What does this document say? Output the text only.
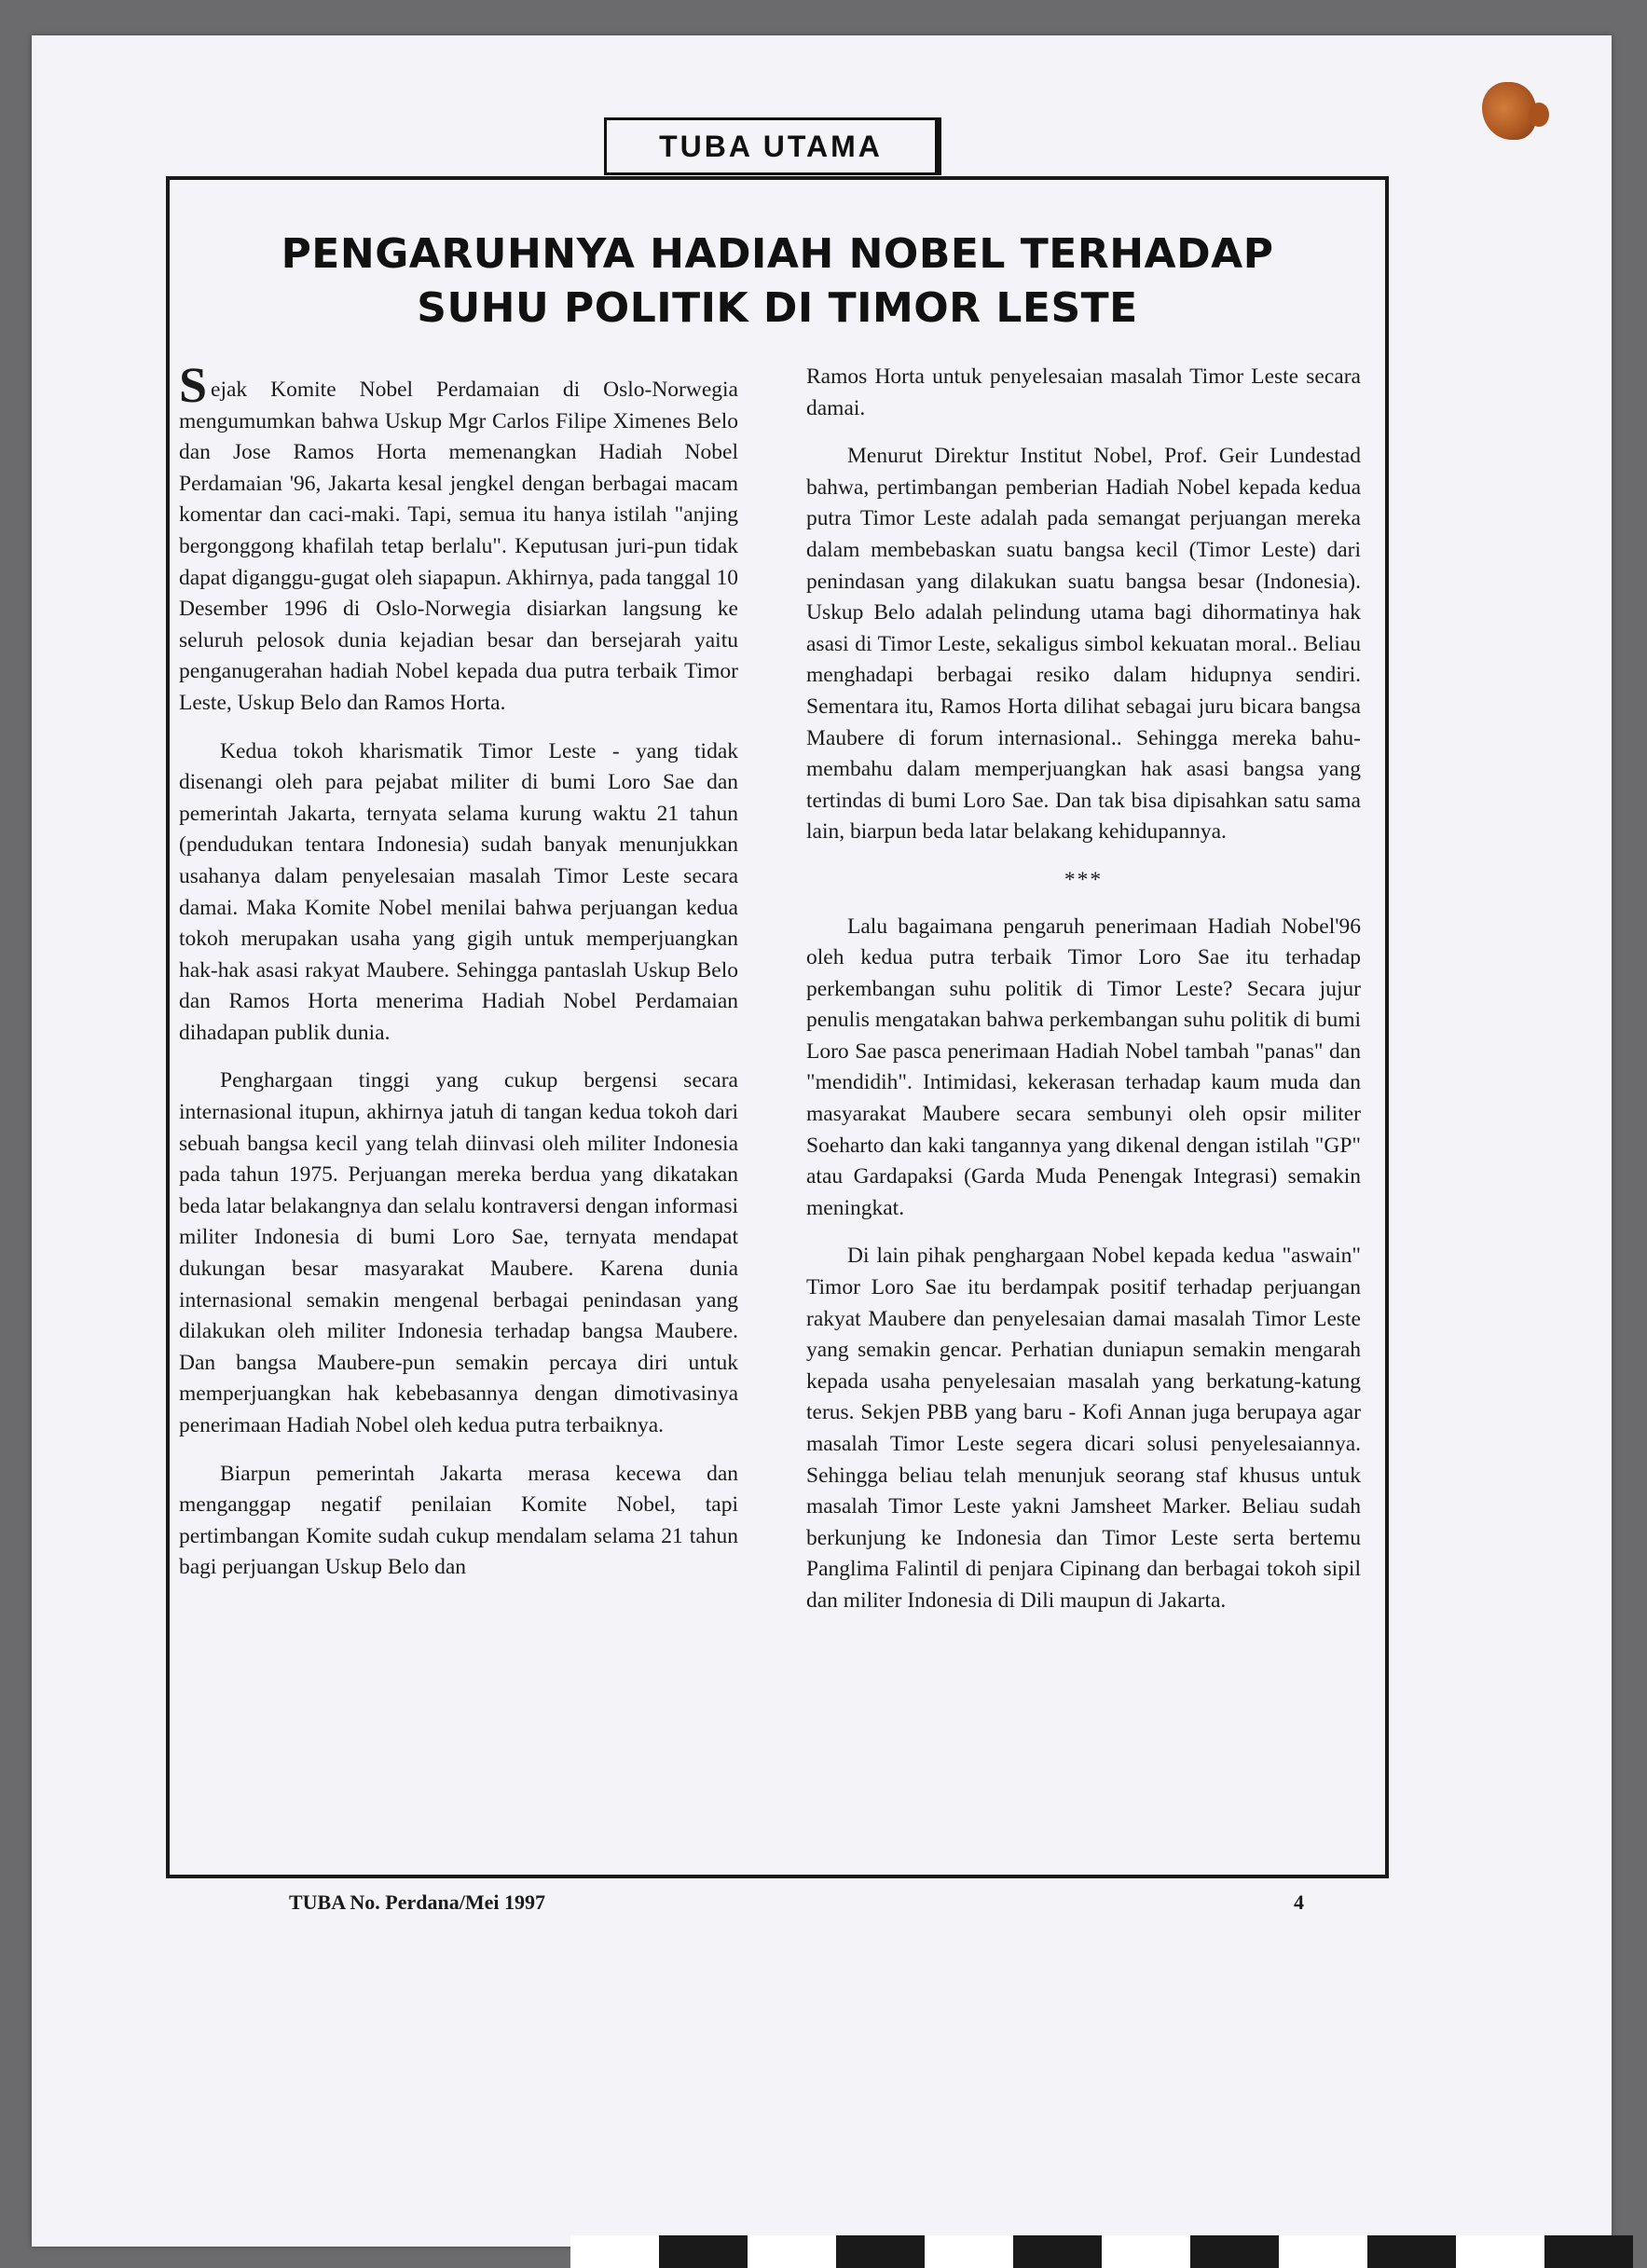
TUBA UTAMA
PENGARUHNYA HADIAH NOBEL TERHADAP
SUHU POLITIK DI TIMOR LESTE

Sejak Komite Nobel Perdamaian di Oslo-Norwegia mengumumkan bahwa Uskup Mgr Carlos Filipe Ximenes Belo dan Jose Ramos Horta memenangkan Hadiah Nobel Perdamaian '96, Jakarta kesal jengkel dengan berbagai macam komentar dan caci-maki. Tapi, semua itu hanya istilah "anjing bergonggong khafilah tetap berlalu". Keputusan juri-pun tidak dapat diganggu-gugat oleh siapapun. Akhirnya, pada tanggal 10 Desember 1996 di Oslo-Norwegia disiarkan langsung ke seluruh pelosok dunia kejadian besar dan bersejarah yaitu penganugerahan hadiah Nobel kepada dua putra terbaik Timor Leste, Uskup Belo dan Ramos Horta.

Kedua tokoh kharismatik Timor Leste - yang tidak disenangi oleh para pejabat militer di bumi Loro Sae dan pemerintah Jakarta, ternyata selama kurung waktu 21 tahun (pendudukan tentara Indonesia) sudah banyak menunjukkan usahanya dalam penyelesaian masalah Timor Leste secara damai. Maka Komite Nobel menilai bahwa perjuangan kedua tokoh merupakan usaha yang gigih untuk memperjuangkan hak-hak asasi rakyat Maubere. Sehingga pantaslah Uskup Belo dan Ramos Horta menerima Hadiah Nobel Perdamaian dihadapan publik dunia.

Penghargaan tinggi yang cukup bergensi secara internasional itupun, akhirnya jatuh di tangan kedua tokoh dari sebuah bangsa kecil yang telah diinvasi oleh militer Indonesia pada tahun 1975. Perjuangan mereka berdua yang dikatakan beda latar belakangnya dan selalu kontraversi dengan informasi militer Indonesia di bumi Loro Sae, ternyata mendapat dukungan besar masyarakat Maubere. Karena dunia internasional semakin mengenal berbagai penindasan yang dilakukan oleh militer Indonesia terhadap bangsa Maubere. Dan bangsa Maubere-pun semakin percaya diri untuk memperjuangkan hak kebebasannya dengan dimotivasinya penerimaan Hadiah Nobel oleh kedua putra terbaiknya.

Biarpun pemerintah Jakarta merasa kecewa dan menganggap negatif penilaian Komite Nobel, tapi pertimbangan Komite sudah cukup mendalam selama 21 tahun bagi perjuangan Uskup Belo dan

Ramos Horta untuk penyelesaian masalah Timor Leste secara damai.

Menurut Direktur Institut Nobel, Prof. Geir Lundestad bahwa, pertimbangan pemberian Hadiah Nobel kepada kedua putra Timor Leste adalah pada semangat perjuangan mereka dalam membebaskan suatu bangsa kecil (Timor Leste) dari penindasan yang dilakukan suatu bangsa besar (Indonesia). Uskup Belo adalah pelindung utama bagi dihormatinya hak asasi di Timor Leste, sekaligus simbol kekuatan moral.. Beliau menghadapi berbagai resiko dalam hidupnya sendiri. Sementara itu, Ramos Horta dilihat sebagai juru bicara bangsa Maubere di forum internasional.. Sehingga mereka bahu-membahu dalam memperjuangkan hak asasi bangsa yang tertindas di bumi Loro Sae. Dan tak bisa dipisahkan satu sama lain, biarpun beda latar belakang kehidupannya.

***

Lalu bagaimana pengaruh penerimaan Hadiah Nobel'96 oleh kedua putra terbaik Timor Loro Sae itu terhadap perkembangan suhu politik di Timor Leste? Secara jujur penulis mengatakan bahwa perkembangan suhu politik di bumi Loro Sae pasca penerimaan Hadiah Nobel tambah "panas" dan "mendidih". Intimidasi, kekerasan terhadap kaum muda dan masyarakat Maubere secara sembunyi oleh opsir militer Soeharto dan kaki tangannya yang dikenal dengan istilah "GP" atau Gardapaksi (Garda Muda Penengak Integrasi) semakin meningkat.

Di lain pihak penghargaan Nobel kepada kedua "aswain" Timor Loro Sae itu berdampak positif terhadap perjuangan rakyat Maubere dan penyelesaian damai masalah Timor Leste yang semakin gencar. Perhatian duniapun semakin mengarah kepada usaha penyelesaian masalah yang berkatung-katung terus. Sekjen PBB yang baru - Kofi Annan juga berupaya agar masalah Timor Leste segera dicari solusi penyelesaiannya. Sehingga beliau telah menunjuk seorang staf khusus untuk masalah Timor Leste yakni Jamsheet Marker. Beliau sudah berkunjung ke Indonesia dan Timor Leste serta bertemu Panglima Falintil di penjara Cipinang dan berbagai tokoh sipil dan militer Indonesia di Dili maupun di Jakarta.

TUBA No. Perdana/Mei 1997	4
